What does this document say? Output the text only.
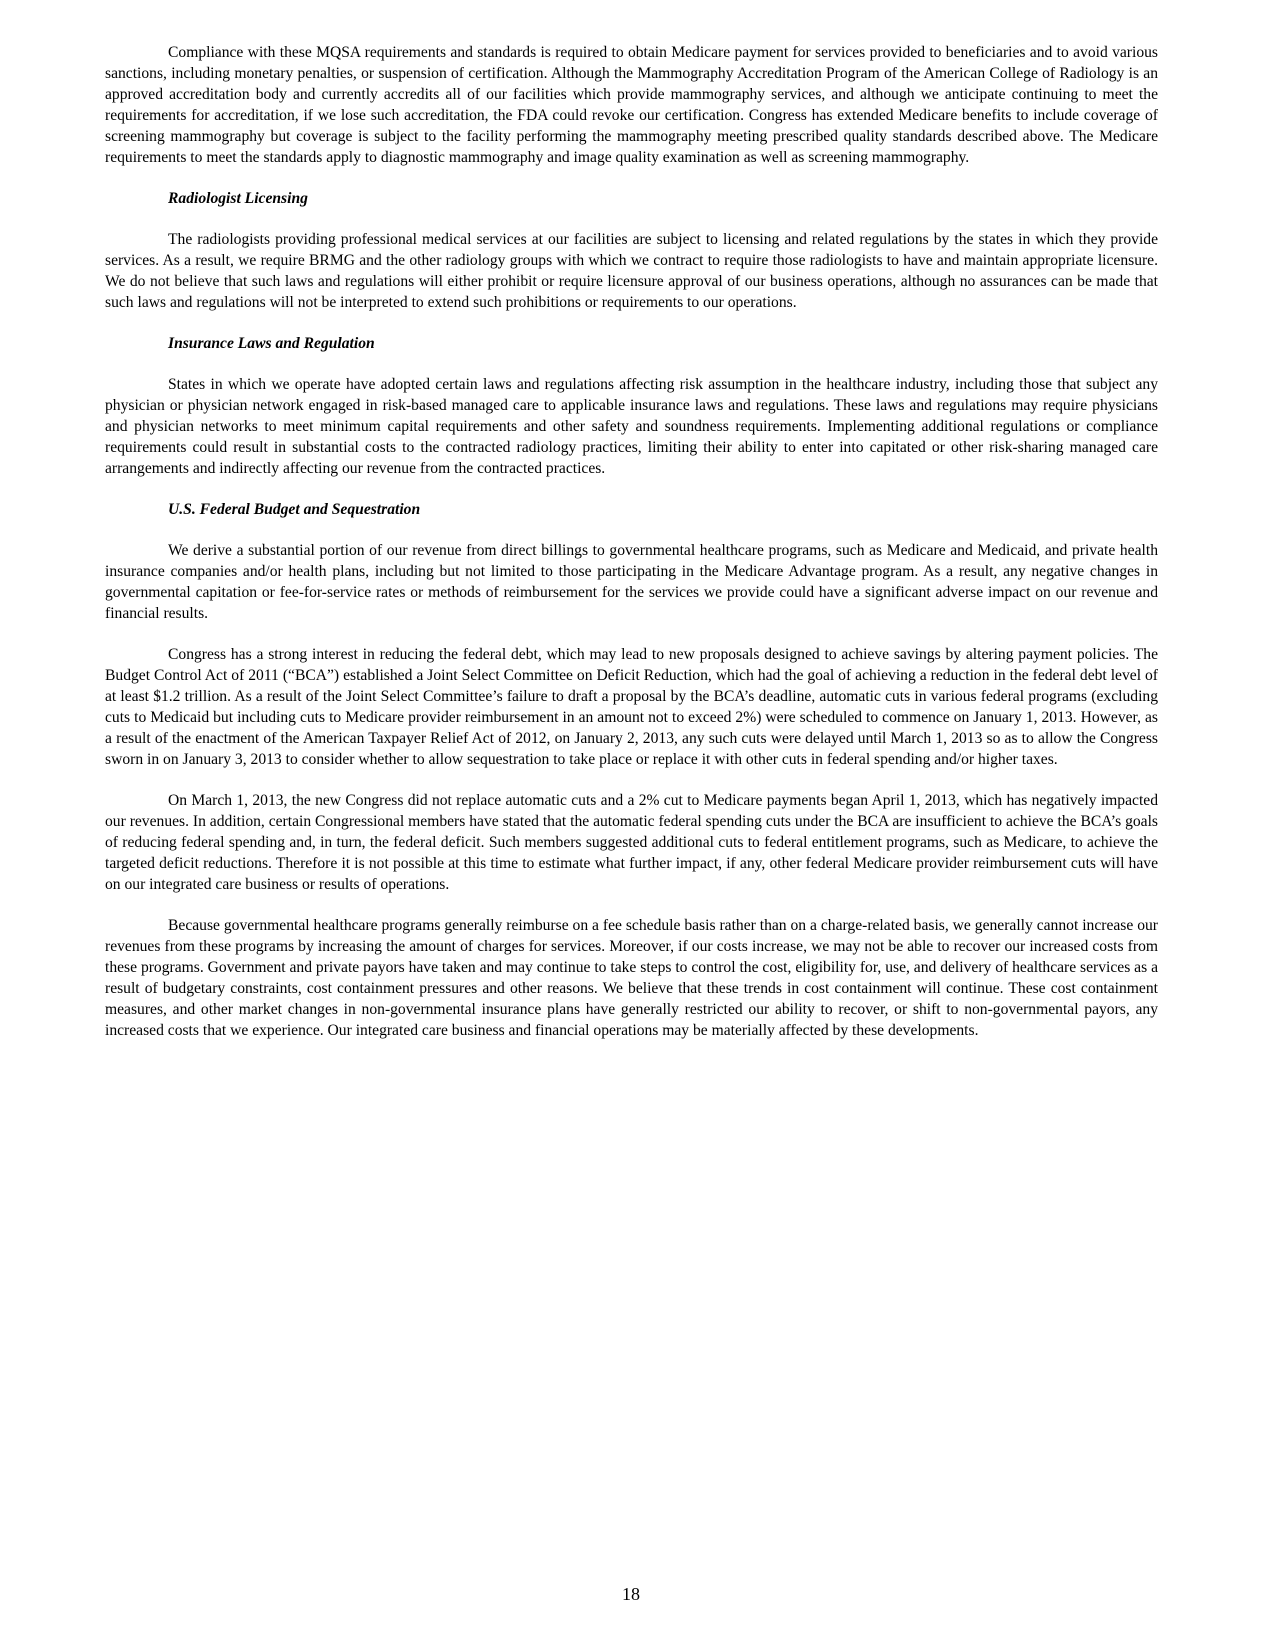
Compliance with these MQSA requirements and standards is required to obtain Medicare payment for services provided to beneficiaries and to avoid various sanctions, including monetary penalties, or suspension of certification. Although the Mammography Accreditation Program of the American College of Radiology is an approved accreditation body and currently accredits all of our facilities which provide mammography services, and although we anticipate continuing to meet the requirements for accreditation, if we lose such accreditation, the FDA could revoke our certification. Congress has extended Medicare benefits to include coverage of screening mammography but coverage is subject to the facility performing the mammography meeting prescribed quality standards described above. The Medicare requirements to meet the standards apply to diagnostic mammography and image quality examination as well as screening mammography.

Radiologist Licensing

The radiologists providing professional medical services at our facilities are subject to licensing and related regulations by the states in which they provide services. As a result, we require BRMG and the other radiology groups with which we contract to require those radiologists to have and maintain appropriate licensure. We do not believe that such laws and regulations will either prohibit or require licensure approval of our business operations, although no assurances can be made that such laws and regulations will not be interpreted to extend such prohibitions or requirements to our operations.

Insurance Laws and Regulation

States in which we operate have adopted certain laws and regulations affecting risk assumption in the healthcare industry, including those that subject any physician or physician network engaged in risk-based managed care to applicable insurance laws and regulations. These laws and regulations may require physicians and physician networks to meet minimum capital requirements and other safety and soundness requirements. Implementing additional regulations or compliance requirements could result in substantial costs to the contracted radiology practices, limiting their ability to enter into capitated or other risk-sharing managed care arrangements and indirectly affecting our revenue from the contracted practices.

U.S. Federal Budget and Sequestration

We derive a substantial portion of our revenue from direct billings to governmental healthcare programs, such as Medicare and Medicaid, and private health insurance companies and/or health plans, including but not limited to those participating in the Medicare Advantage program. As a result, any negative changes in governmental capitation or fee-for-service rates or methods of reimbursement for the services we provide could have a significant adverse impact on our revenue and financial results.

Congress has a strong interest in reducing the federal debt, which may lead to new proposals designed to achieve savings by altering payment policies. The Budget Control Act of 2011 (“BCA”) established a Joint Select Committee on Deficit Reduction, which had the goal of achieving a reduction in the federal debt level of at least $1.2 trillion. As a result of the Joint Select Committee’s failure to draft a proposal by the BCA’s deadline, automatic cuts in various federal programs (excluding cuts to Medicaid but including cuts to Medicare provider reimbursement in an amount not to exceed 2%) were scheduled to commence on January 1, 2013. However, as a result of the enactment of the American Taxpayer Relief Act of 2012, on January 2, 2013, any such cuts were delayed until March 1, 2013 so as to allow the Congress sworn in on January 3, 2013 to consider whether to allow sequestration to take place or replace it with other cuts in federal spending and/or higher taxes.

On March 1, 2013, the new Congress did not replace automatic cuts and a 2% cut to Medicare payments began April 1, 2013, which has negatively impacted our revenues. In addition, certain Congressional members have stated that the automatic federal spending cuts under the BCA are insufficient to achieve the BCA’s goals of reducing federal spending and, in turn, the federal deficit. Such members suggested additional cuts to federal entitlement programs, such as Medicare, to achieve the targeted deficit reductions. Therefore it is not possible at this time to estimate what further impact, if any, other federal Medicare provider reimbursement cuts will have on our integrated care business or results of operations.

Because governmental healthcare programs generally reimburse on a fee schedule basis rather than on a charge-related basis, we generally cannot increase our revenues from these programs by increasing the amount of charges for services. Moreover, if our costs increase, we may not be able to recover our increased costs from these programs. Government and private payors have taken and may continue to take steps to control the cost, eligibility for, use, and delivery of healthcare services as a result of budgetary constraints, cost containment pressures and other reasons. We believe that these trends in cost containment will continue. These cost containment measures, and other market changes in non-governmental insurance plans have generally restricted our ability to recover, or shift to non-governmental payors, any increased costs that we experience. Our integrated care business and financial operations may be materially affected by these developments.

18
